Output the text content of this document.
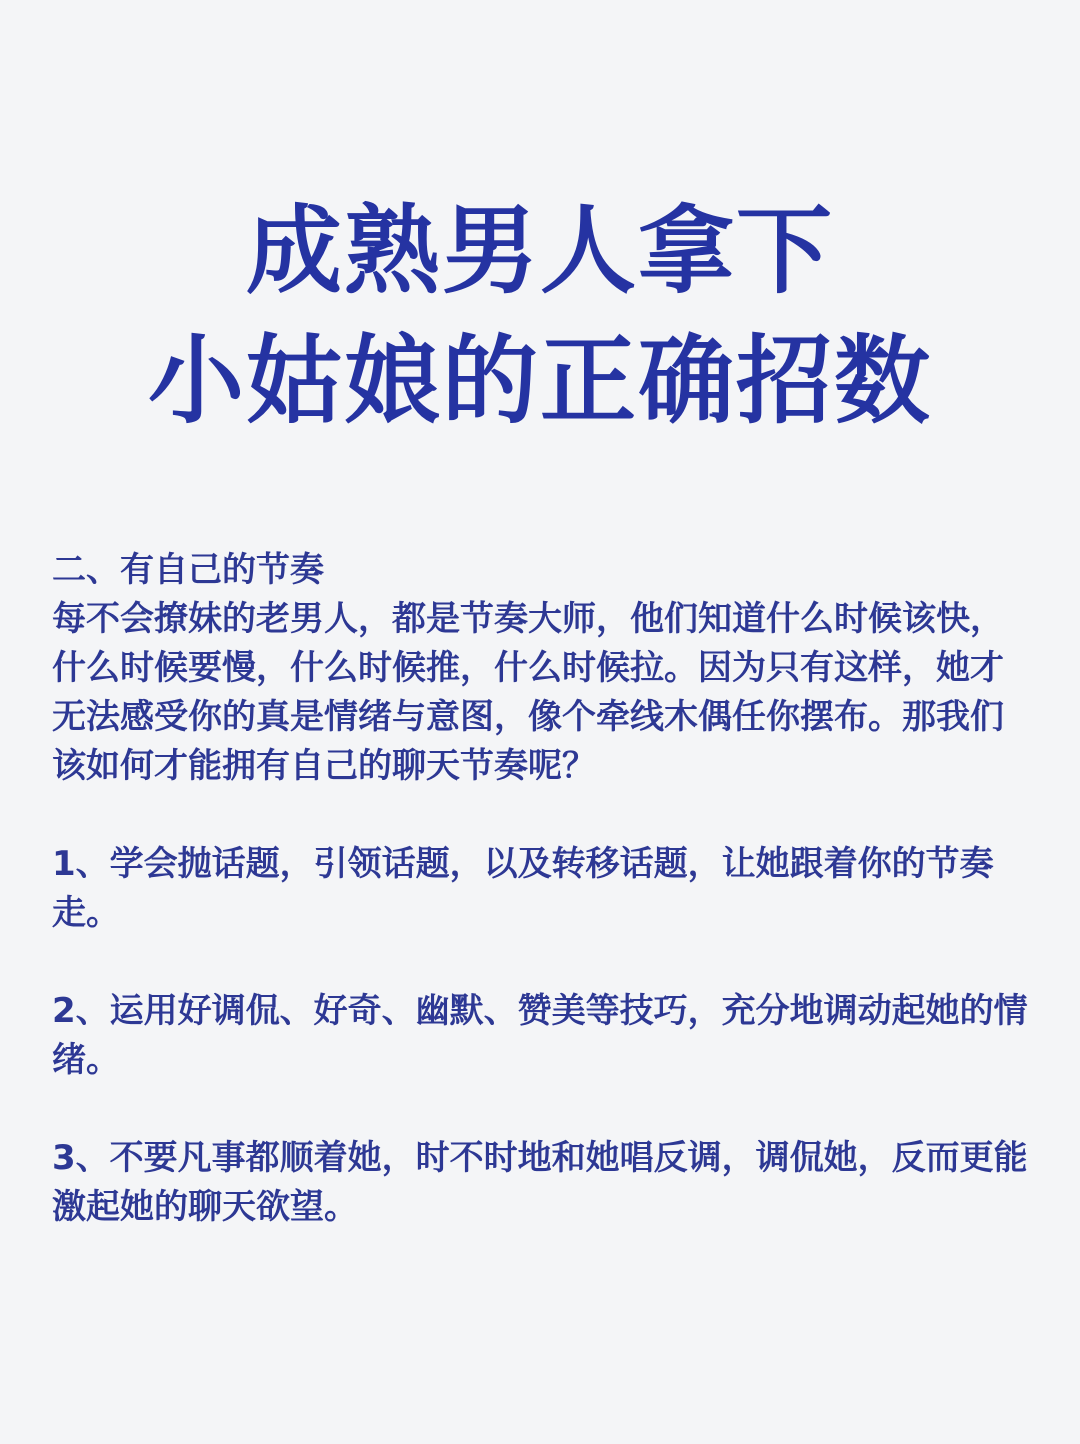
成熟男人拿下
小姑娘的正确招数

二、有自己的节奏
每不会撩妹的老男人，都是节奏大师，他们知道什么时候该快，什么时候要慢，什么时候推，什么时候拉。因为只有这样，她才无法感受你的真是情绪与意图，像个牵线木偶任你摆布。那我们该如何才能拥有自己的聊天节奏呢？

1、学会抛话题，引领话题，以及转移话题，让她跟着你的节奏走。

2、运用好调侃、好奇、幽默、赞美等技巧，充分地调动起她的情绪。

3、不要凡事都顺着她，时不时地和她唱反调，调侃她，反而更能激起她的聊天欲望。
